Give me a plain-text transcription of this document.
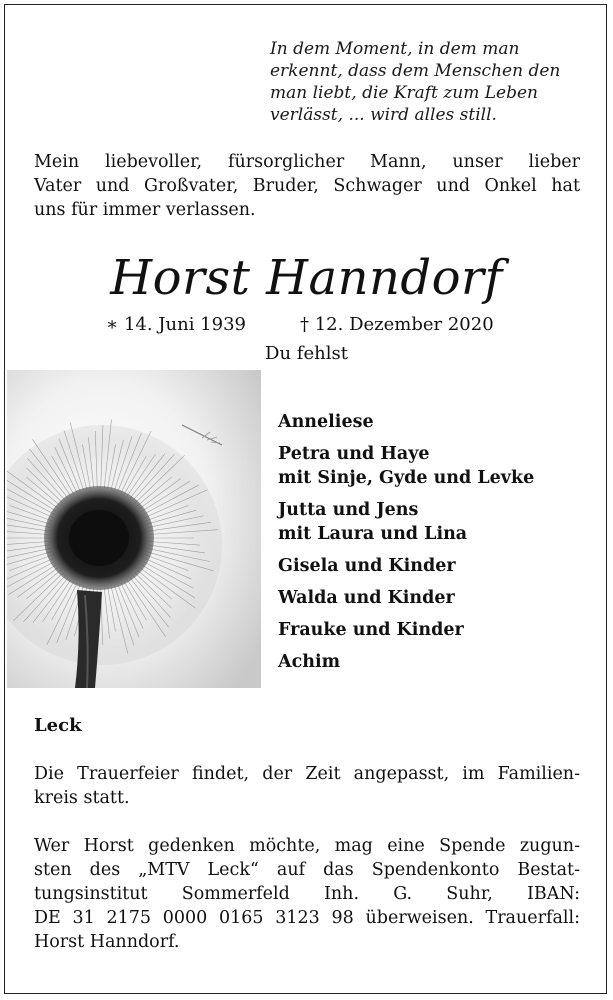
In dem Moment, in dem man
erkennt, dass dem Menschen den
man liebt, die Kraft zum Leben
verlässt, ... wird alles still.
Mein liebevoller, fürsorglicher Mann, unser lieber
Vater und Großvater, Bruder, Schwager und Onkel hat
uns für immer verlassen.
Horst Hanndorf
∗ 14. Juni 1939	† 12. Dezember 2020
Du fehlst
Anneliese
Petra und Haye
mit Sinje, Gyde und Levke
Jutta und Jens
mit Laura und Lina
Gisela und Kinder
Walda und Kinder
Frauke und Kinder
Achim
Leck
Die Trauerfeier findet, der Zeit angepasst, im Familien-
kreis statt.
Wer Horst gedenken möchte, mag eine Spende zugun-
sten des „MTV Leck“ auf das Spendenkonto Bestat-
tungsinstitut Sommerfeld Inh. G. Suhr, IBAN:
DE 31 2175 0000 0165 3123 98 überweisen. Trauerfall:
Horst Hanndorf.
